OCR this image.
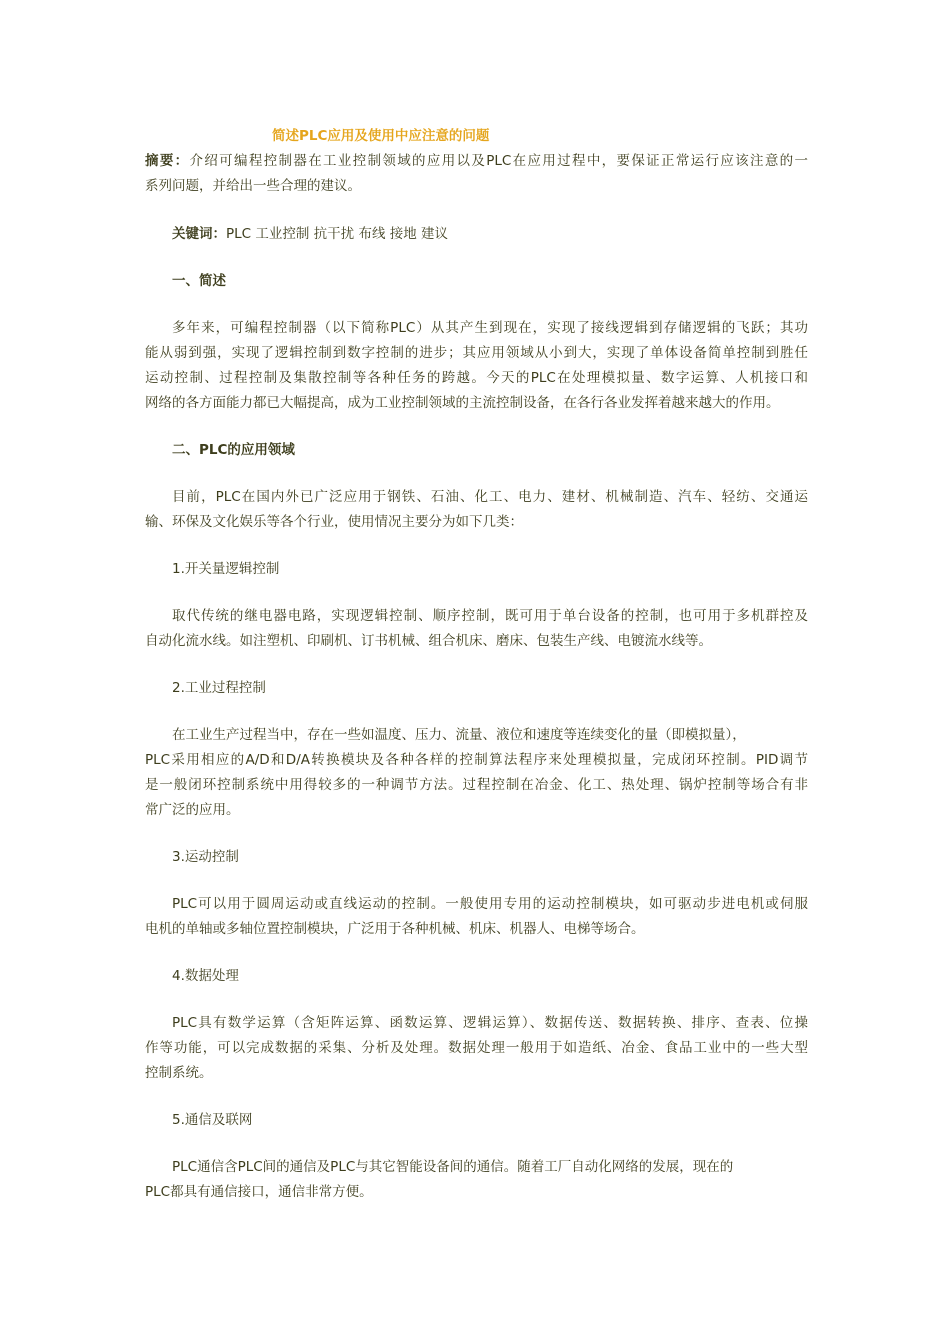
简述PLC应用及使用中应注意的问题
摘要：介绍可编程控制器在工业控制领域的应用以及PLC在应用过程中，要保证正常运行应该注意的一
系列问题，并给出一些合理的建议。
关键词：PLC 工业控制 抗干扰 布线 接地 建议
一、简述
多年来，可编程控制器（以下简称PLC）从其产生到现在，实现了接线逻辑到存储逻辑的飞跃；其功
能从弱到强，实现了逻辑控制到数字控制的进步；其应用领域从小到大，实现了单体设备简单控制到胜任
运动控制、过程控制及集散控制等各种任务的跨越。今天的PLC在处理模拟量、数字运算、人机接口和
网络的各方面能力都已大幅提高，成为工业控制领域的主流控制设备，在各行各业发挥着越来越大的作用。
二、PLC的应用领域
目前，PLC在国内外已广泛应用于钢铁、石油、化工、电力、建材、机械制造、汽车、轻纺、交通运
输、环保及文化娱乐等各个行业，使用情况主要分为如下几类：
1.开关量逻辑控制
取代传统的继电器电路，实现逻辑控制、顺序控制，既可用于单台设备的控制，也可用于多机群控及
自动化流水线。如注塑机、印刷机、订书机械、组合机床、磨床、包装生产线、电镀流水线等。
2.工业过程控制
在工业生产过程当中，存在一些如温度、压力、流量、液位和速度等连续变化的量（即模拟量），
PLC采用相应的A/D和D/A转换模块及各种各样的控制算法程序来处理模拟量，完成闭环控制。PID调节
是一般闭环控制系统中用得较多的一种调节方法。过程控制在冶金、化工、热处理、锅炉控制等场合有非
常广泛的应用。
3.运动控制
PLC可以用于圆周运动或直线运动的控制。一般使用专用的运动控制模块，如可驱动步进电机或伺服
电机的单轴或多轴位置控制模块，广泛用于各种机械、机床、机器人、电梯等场合。
4.数据处理
PLC具有数学运算（含矩阵运算、函数运算、逻辑运算）、数据传送、数据转换、排序、查表、位操
作等功能，可以完成数据的采集、分析及处理。数据处理一般用于如造纸、冶金、食品工业中的一些大型
控制系统。
5.通信及联网
PLC通信含PLC间的通信及PLC与其它智能设备间的通信。随着工厂自动化网络的发展，现在的
PLC都具有通信接口，通信非常方便。
